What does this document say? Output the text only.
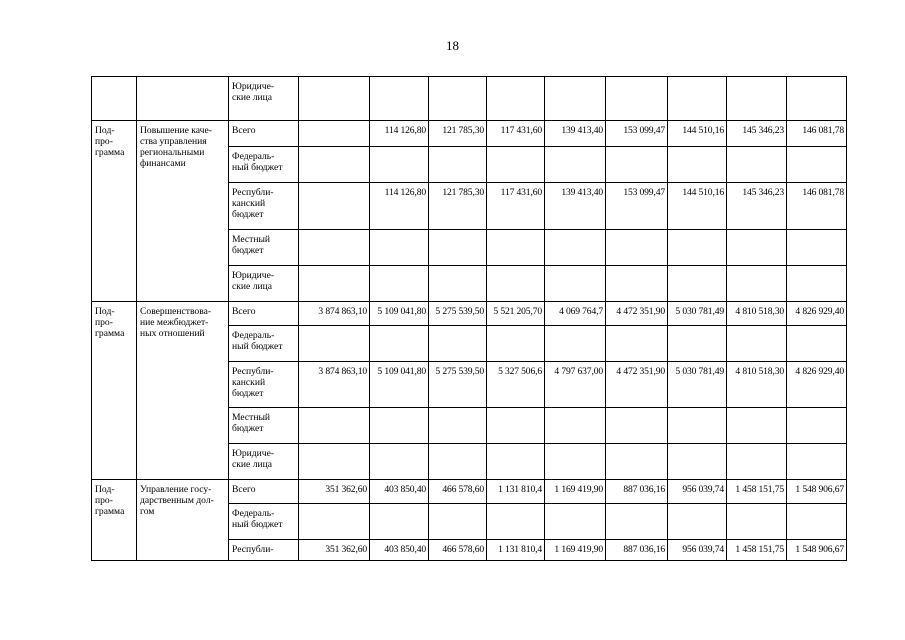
18
		Юридиче-
ские лица										
Под-
про-
грамма	Повышение каче-
ства управления
региональными
финансами	Всего		114 126,80	121 785,30	117 431,60	139 413,40	153 099,47	144 510,16	145 346,23	146 081,78	
		Федераль-
ный бюджет										
		Республи-
канский
бюджет		114 126,80	121 785,30	117 431,60	139 413,40	153 099,47	144 510,16	145 346,23	146 081,78	
		Местный
бюджет										
		Юридиче-
ские лица										
Под-
про-
грамма	Совершенствова-
ние межбюджет-
ных отношений	Всего	3 874 863,10	5 109 041,80	5 275 539,50	5 521 205,70	4 069 764,7	4 472 351,90	5 030 781,49	4 810 518,30	4 826 929,40	
		Федераль-
ный бюджет										
		Республи-
канский
бюджет	3 874 863,10	5 109 041,80	5 275 539,50	5 327 506,6	4 797 637,00	4 472 351,90	5 030 781,49	4 810 518,30	4 826 929,40	
		Местный
бюджет										
		Юридиче-
ские лица										
Под-
про-
грамма	Управление госу-
дарственным дол-
гом	Всего	351 362,60	403 850,40	466 578,60	1 131 810,4	1 169 419,90	887 036,16	956 039,74	1 458 151,75	1 548 906,67	
		Федераль-
ный бюджет										
		Республи-	351 362,60	403 850,40	466 578,60	1 131 810,4	1 169 419,90	887 036,16	956 039,74	1 458 151,75	1 548 906,67	
